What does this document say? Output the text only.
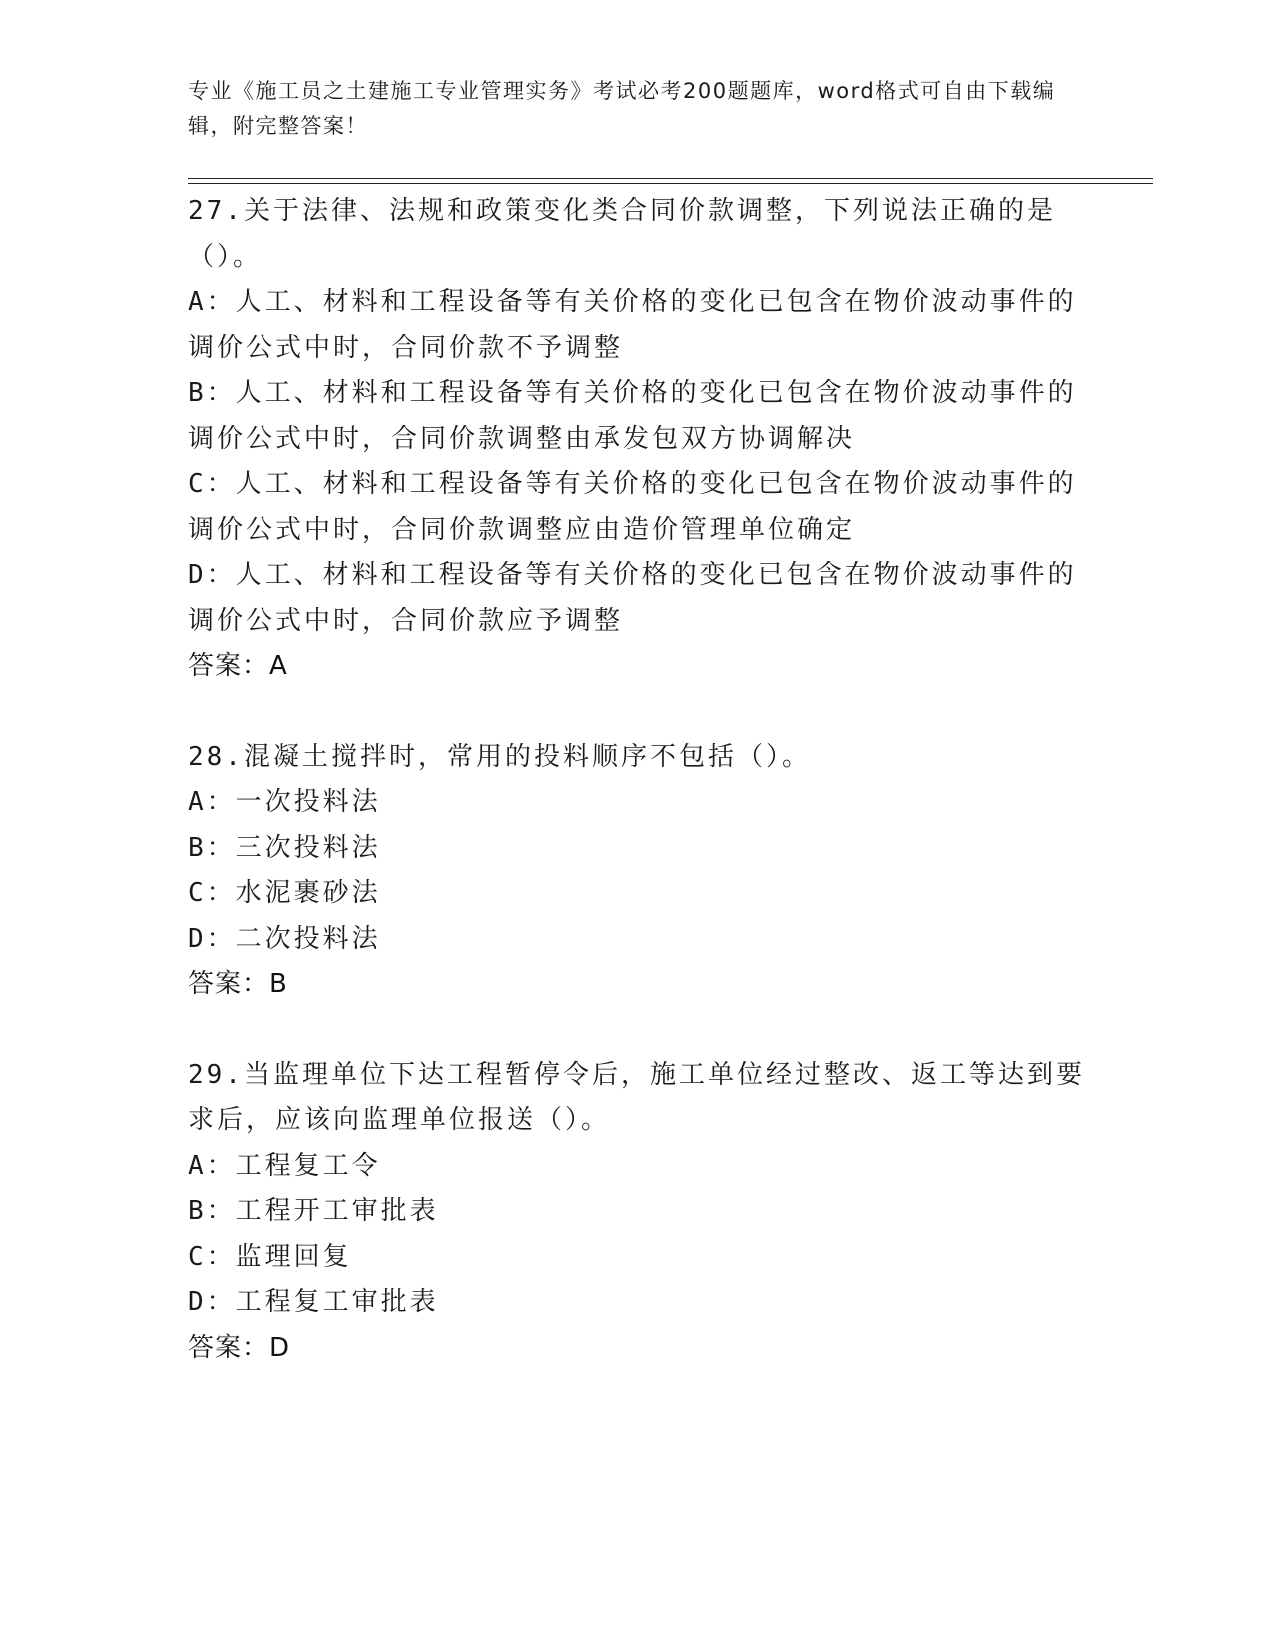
专业《施工员之土建施工专业管理实务》考试必考200题题库，word格式可自由下载编辑，附完整答案！
27.关于法律、法规和政策变化类合同价款调整，下列说法正确的是（）。
A：人工、材料和工程设备等有关价格的变化已包含在物价波动事件的调价公式中时，合同价款不予调整
B：人工、材料和工程设备等有关价格的变化已包含在物价波动事件的调价公式中时，合同价款调整由承发包双方协调解决
C：人工、材料和工程设备等有关价格的变化已包含在物价波动事件的调价公式中时，合同价款调整应由造价管理单位确定
D：人工、材料和工程设备等有关价格的变化已包含在物价波动事件的调价公式中时，合同价款应予调整
答案：A
28.混凝土搅拌时，常用的投料顺序不包括（）。
A：一次投料法
B：三次投料法
C：水泥裹砂法
D：二次投料法
答案：B
29.当监理单位下达工程暂停令后，施工单位经过整改、返工等达到要求后，应该向监理单位报送（）。
A：工程复工令
B：工程开工审批表
C：监理回复
D：工程复工审批表
答案：D
